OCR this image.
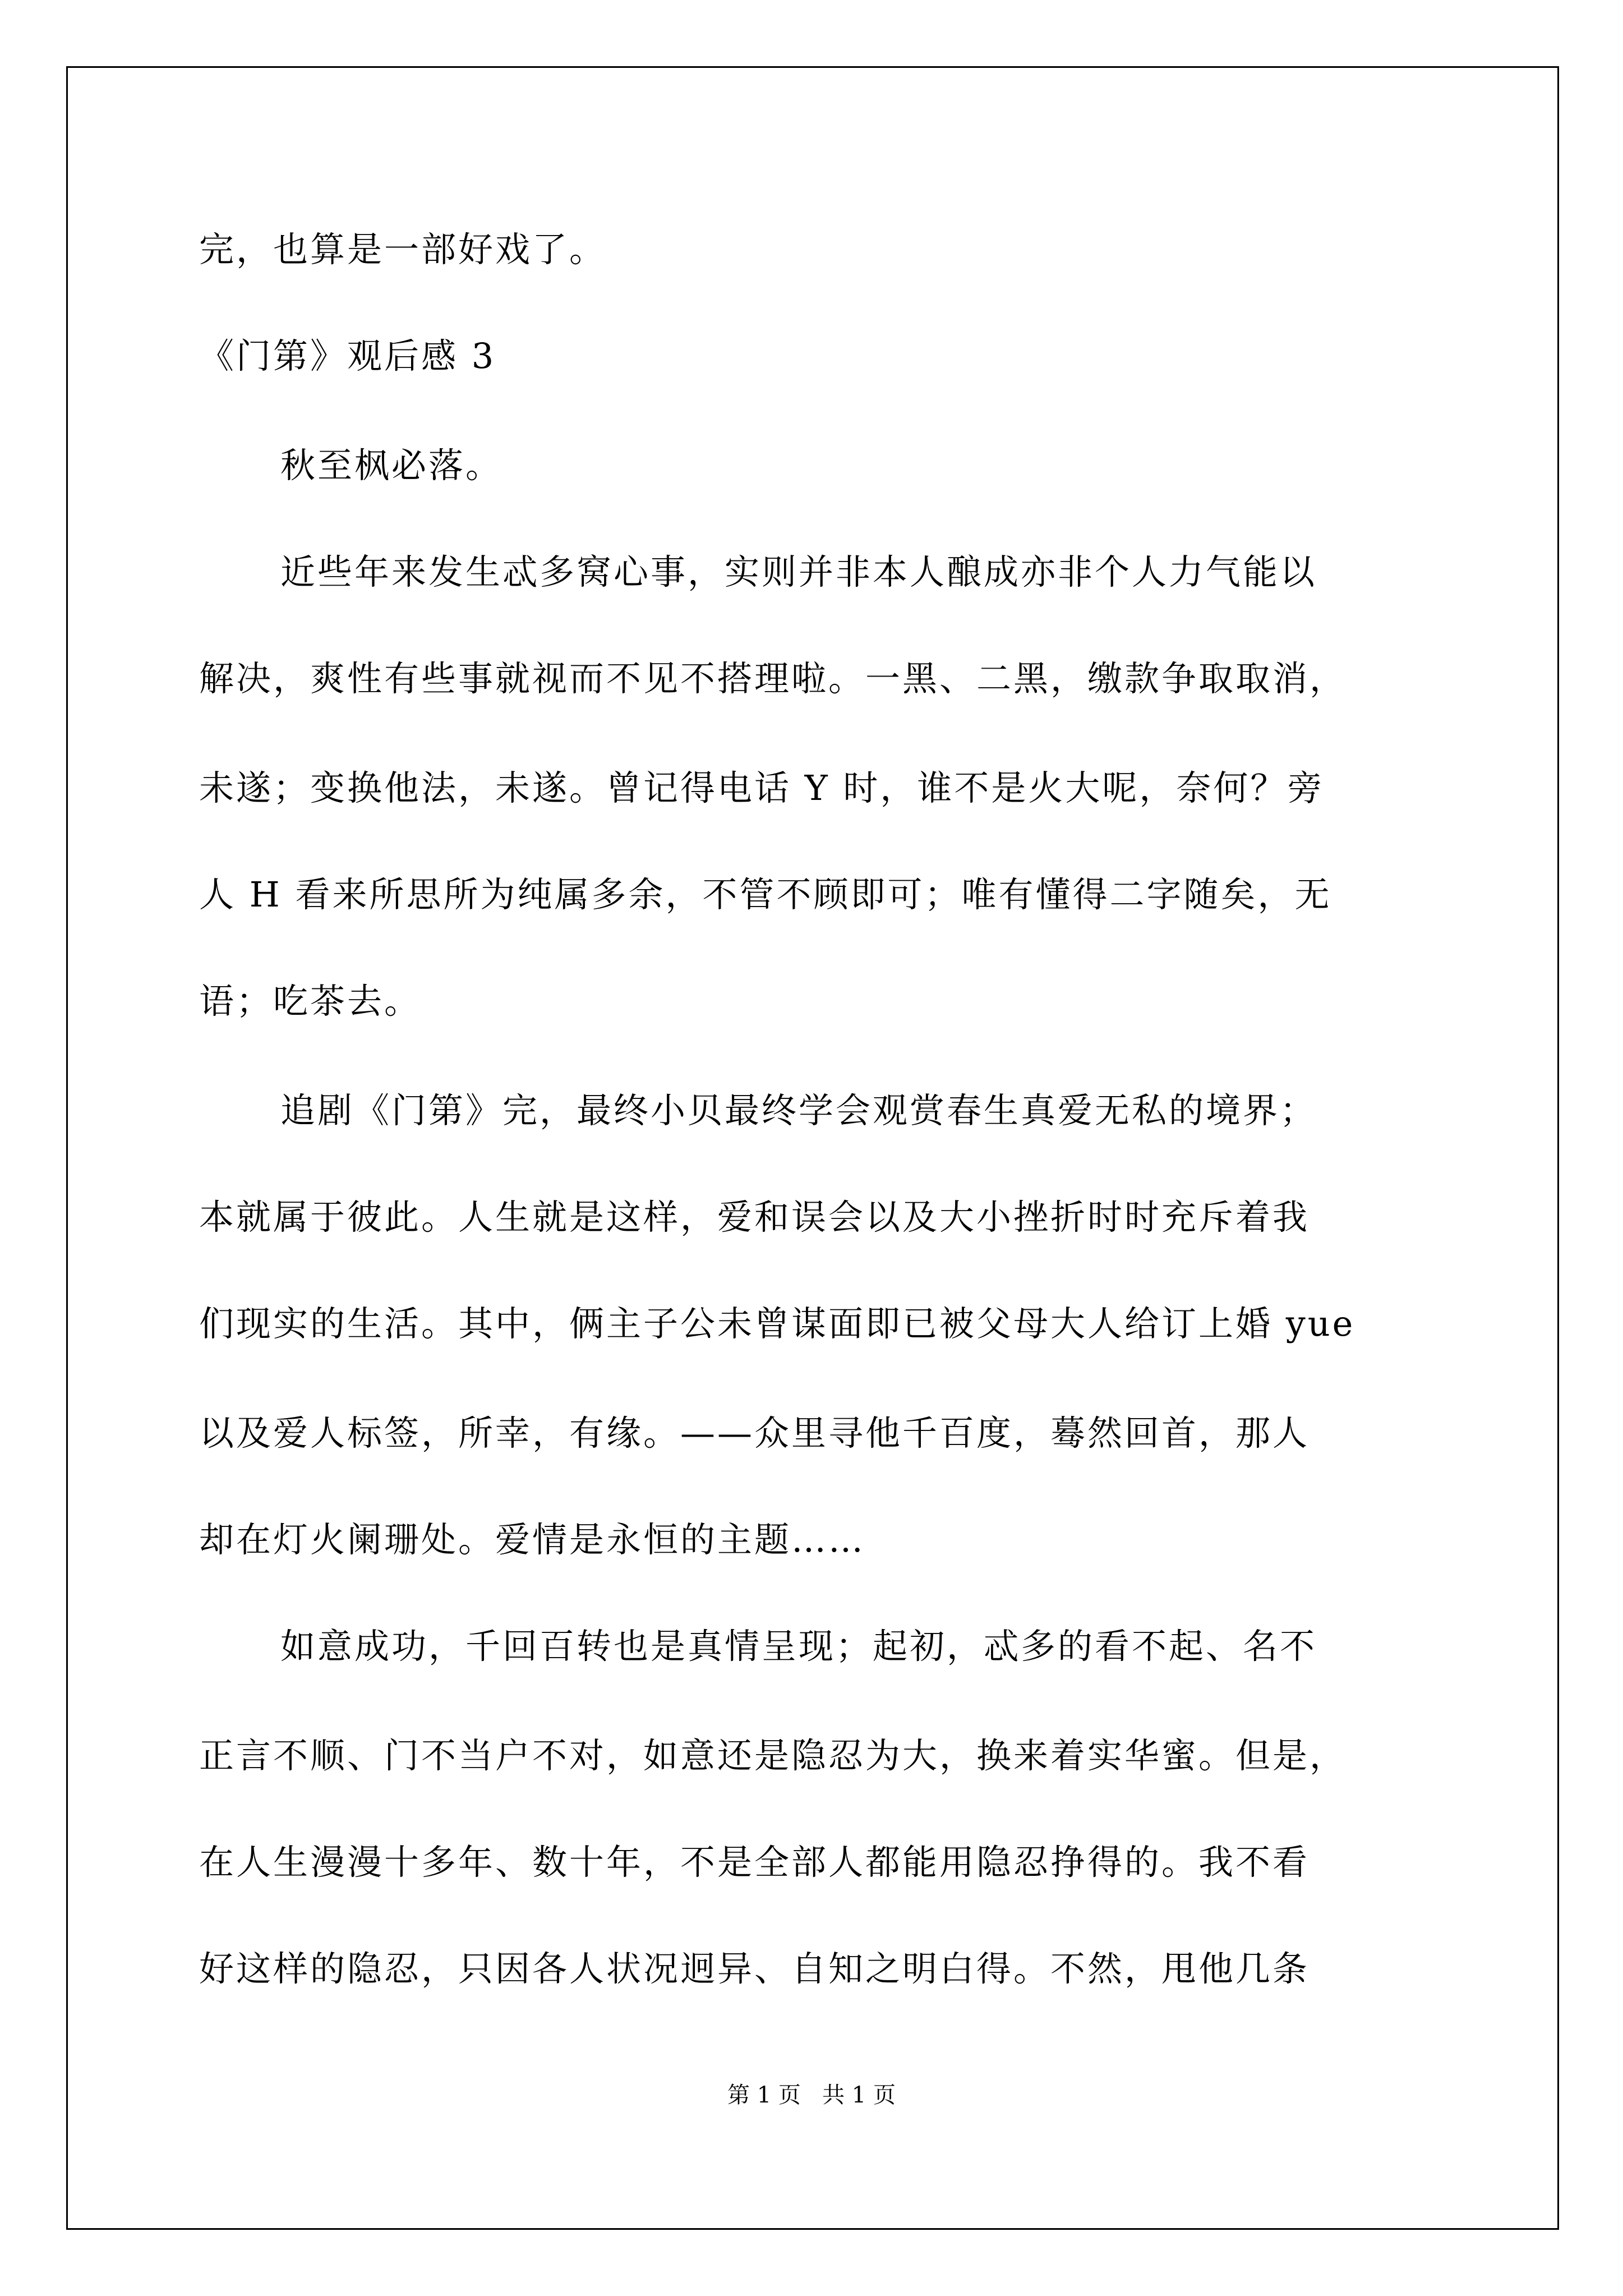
完，也算是一部好戏了。
《门第》观后感 3
秋至枫必落。
近些年来发生忒多窝心事，实则并非本人酿成亦非个人力气能以
解决，爽性有些事就视而不见不搭理啦。一黑、二黑，缴款争取取消，
未遂；变换他法，未遂。曾记得电话 Y 时，谁不是火大呢，奈何？旁
人 H 看来所思所为纯属多余，不管不顾即可；唯有懂得二字随矣，无
语；吃茶去。
追剧《门第》完，最终小贝最终学会观赏春生真爱无私的境界；
本就属于彼此。人生就是这样，爱和误会以及大小挫折时时充斥着我
们现实的生活。其中，俩主子公未曾谋面即已被父母大人给订上婚 yue
以及爱人标签，所幸，有缘。——众里寻他千百度，蓦然回首，那人
却在灯火阑珊处。爱情是永恒的主题……
如意成功，千回百转也是真情呈现；起初，忒多的看不起、名不
正言不顺、门不当户不对，如意还是隐忍为大，换来着实华蜜。但是，
在人生漫漫十多年、数十年，不是全部人都能用隐忍挣得的。我不看
好这样的隐忍，只因各人状况迥异、自知之明白得。不然，甩他几条
第 1 页   共 1 页
